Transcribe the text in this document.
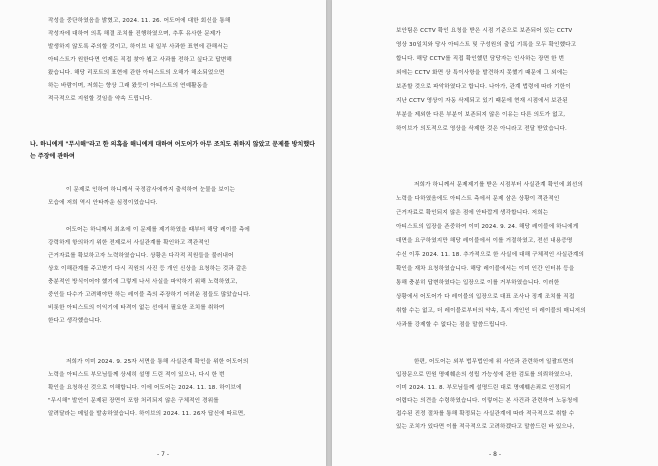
작성을 중단하였음을 밝혔고, 2024. 11. 26. 어도어에 대한 회신을 통해
작성자에 대하여 의혹 해결 조치를 진행하였으며, 추후 유사한 문제가
발생하지 않도록 주의할 것이고, 하이브 내 일부 사과한 표현에 관해서는
아티스트가 원한다면 언제든 직접 찾아 뵙고 사과를 전하고 싶다고 답변해
왔습니다. 해당 리포트의 표현에 관한 아티스트의 오해가 해소되었으면
하는 바람이며, 저희는 향상 그래 왔듯이 아티스트의 연예활동을
적극적으로 지원할 것임을 약속 드립니다.
나. 하니에게 "무시해"라고 한 의혹을 해니에게 대하여 어도어가 아무 조치도 취하지 않았고 문제를 방치했다는 주장에 관하여
이 문제로 인하여 하니께서 국정감사에까지 출석하여 눈물을 보이는
모습에 저희 역시 안타까운 심정이었습니다.
어도어는 하니께서 최초에 이 문제를 제기하였을 때부터 해당 레이블 측에
강력하게 항의하기 위한 전제로서 사실관계를 확인하고 객관적인
근거자료를 확보하고자 노력하였습니다. 상황은 다각적 직원들을 불러내어
상호 이해관계를 주고받기 다시 직원의 사진 등 개인 신상을 요청하는 것과 같은
충분적인 방식이어야 했기에 그렇게 나서 사실을 파악하기 위해 노력하였고,
중인들 다수가 고려해야만 하는 레이블 측의 주장하기 어려운 점들도 많았습니다.
비롯한 아티스트의 이익기에 타격이 없는 선에서 필요한 조치를 취하여
한다고 생각했습니다.
저희가 이미 2024. 9. 25자 서면을 통해 사실관계 확인을 위한 어도어의
노력을 아티스트 부모님들께 상세히 설명 드린 적이 있으나, 다시 한 번
확인을 요청하신 것으로 이해합니다. 이에 어도어는 2024. 11. 18. 하이브에
"무시해" 발언이 문제된 장면이 포함 처리되지 않은 구체적인 경위를
알려달라는 메일을 발송하였습니다. 하이브의 2024. 11. 26자 답신에 따르면,
- 7 -
보안팀은 CCTV 확인 요청을 받은 시점 기준으로 보존되어 있는 CCTV
영상 30일치와 당사 아티스트 및 구성원의 출입 기록을 모두 확인했다고
합니다. 해당 CCTV를 직접 확인했던 담당자는 인사하는 장면 한 번
외에는 CCTV 화면 상 특이사항을 발견하지 못했기 때문에 그 외에는
보존할 것으로 파악하였다고 합니다. 나아가, 관계 법령에 따라 기한이
지난 CCTV 영상이 자동 삭제되고 있기 때문에 현재 시점에서 보관된
부분을 제외한 다른 부분이 보존되지 않은 이유는 다른 의도가 없고,
하이브가 의도적으로 영상을 삭제한 것은 아니라고 전달 받았습니다.
저희가 하니께서 문제제기를 받은 시점부터 사실관계 확인에 최선의
노력을 다하였음에도 아티스트 측에서 문제 삼은 상황이 객관적인
근거자료로 확인되지 않은 점에 안타깝게 생각합니다. 저희는
아티스트의 입장을 존중하여 이미 2024. 9. 24. 해당 레이블에 하니에게
대면을 요구하였지만 해당 레이블에서 이를 거절하였고, 전선 내용증명
수신 이후 2024. 11. 18. 추가적으로 한 사실에 대해 구체적인 사실관계의
확인을 재차 요청하였습니다. 해당 레이블에서는 이미 인간 인터뷰 등을
통해 충분히 답변하였다는 입장으로 이를 거부하였습니다. 이러한
상황에서 어도어가 다 레이블의 입장으로 대표 조사나 징계 조치를 직접
취할 수는 없고, 더 레이블로부터의 약속, 혹시 개인인 더 레이블의 매니저의
사과를 강제할 수 없다는 점을 말씀드립니다.
한편, 어도어는 외부 법무법인에 위 사안과 관련하여 일괄뜨면의
입장문으로 민원 명예훼손의 성립 가능성에 관한 검토를 의뢰하였으나,
이미 2024. 11. 8. 부모님들께 설명드린 대로 명예훼손죄로 인정되기
어렵다는 의견을 수령하였습니다. 이렇어는 본 사건과 관련하여 노동청에
접수된 진정 절차를 통해 확정되는 사실관계에 따라 적극적으로 취할 수
있는 조치가 있다면 이를 적극적으로 고려하겠다고 말씀드린 바 있으나,
- 8 -
